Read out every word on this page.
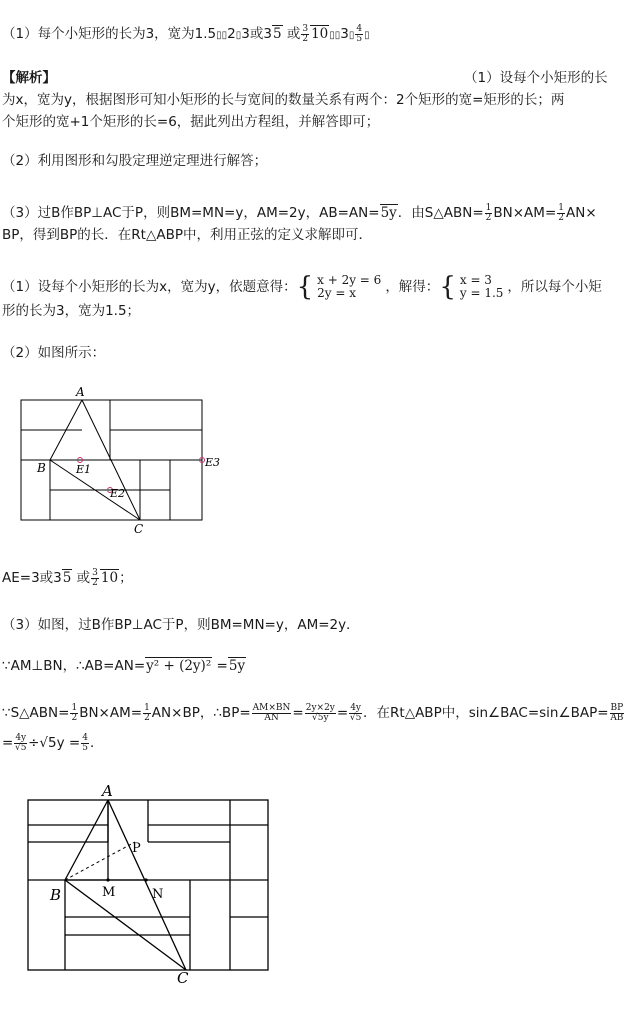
（1）每个小矩形的长为3，宽为1.5▯▯2▯3或35 或 $\frac{3}{2}$ 10▯▯3▯ $\frac{4}{5}$ ▯
【解析】	（1）设每个小矩形的长
为x，宽为y，根据图形可知小矩形的长与宽间的数量关系有两个：2个矩形的宽=矩形的长；两
个矩形的宽+1个矩形的长=6，据此列出方程组，并解答即可；
（2）利用图形和勾股定理逆定理进行解答；
（3）过B作BP⊥AC于P，则BM=MN=y，AM=2y，AB=AN=5y．由S△ABN= $\frac{1}{2} BN\times AM= \frac{1}{2} AN\times$
BP，得到BP的长．在Rt△ABP中，利用正弦的定义求解即可．
（1）设每个小矩形的长为x，宽为y，依题意得：{ x + 2y = 6
2y = x	，解得：{ x = 3
y = 1.5 ，所以每个小矩
形的长为3，宽为1.5；
（2）如图所示：
A
B
C
E1
E2
E3
AE=3或35 或 $\frac{3}{2} 10$；
（3）如图，过B作BP⊥AC于P，则BM=MN=y，AM=2y．
∵AM⊥BN，∴AB=AN=y² + (2y)² =5y
∵S△ABN= $\frac{1}{2} BN\times AM= \frac{1}{2} AN\times BP$，∴BP= $\frac{AM\times BN}{AN} = \frac{2y\times 2y}{√5y} = \frac{4y}{√5}$ ．在Rt△ABP中，sin∠BAC=sin∠BAP= $\frac{BP}{AB}$
= $\frac{4y}{√5} \div√5y = \frac{4}{5}$ ．
A
B
C
M	N
P
